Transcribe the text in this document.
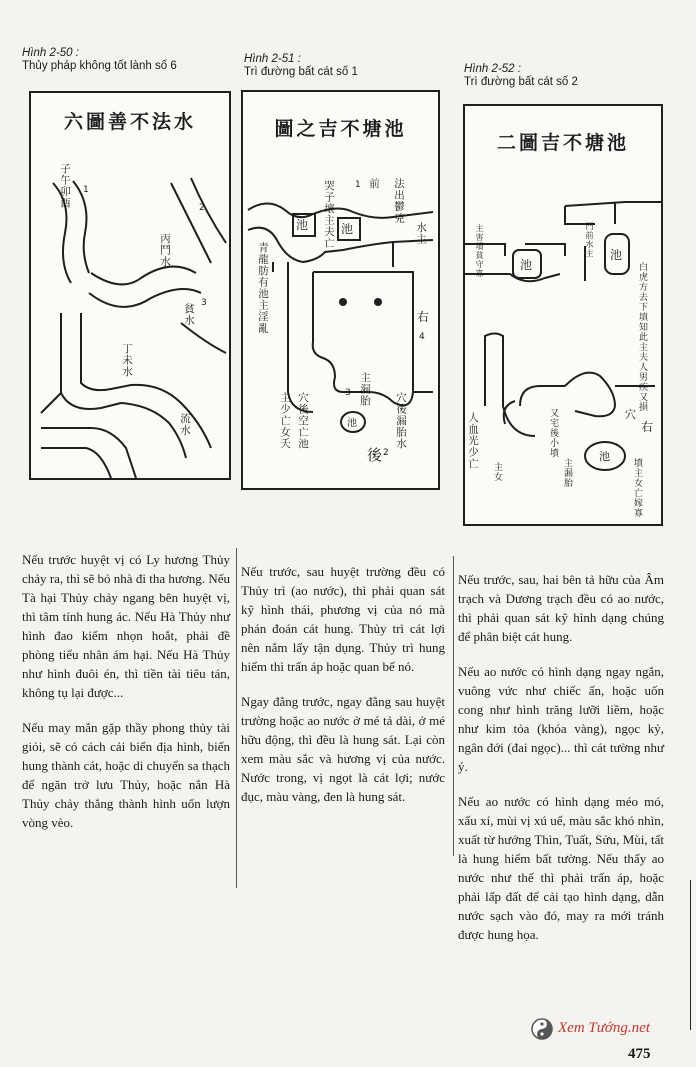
Hình 2-50 :
Thủy pháp không tốt lành số 6
Hình 2-51 :
Trì đường bất cát số 1	Hình 2-52 :
Trì đường bất cát số 2
六圖善不法水
子午卯酉
丙鬥水
貧水
丁未水
流水
1
2
3
圖之吉不塘池
池	池
池
前
哭子壞主夫亡	法出鬱兇
水主
青龍肪有池主淫亂
主少亡女夭 穴後空亡池
主漏胎
穴後漏胎水
後
右
1
2
3
4
二圖吉不塘池
池
池
池
主害墳貧守寡	門前水主
白虎方去下填知此主夫人男疾又損
人血光少亡	又宅後小墳
主漏胎
主女
右
穴
墳主女亡嫁寡

Nếu trước huyệt vị có Ly hương Thủy chảy ra, thì sẽ bỏ nhà đi tha hương. Nếu Tà hại Thủy chảy ngang bên huyệt vị, thì tâm tính hung ác. Nếu Hà Thủy như hình đao kiếm nhọn hoắt, phải đề phòng tiểu nhân ám hại. Nếu Hà Thủy như hình đuôi én, thì tiền tài tiêu tán, không tụ lại được...

Nếu may mắn gặp thầy phong thủy tài giỏi, sẽ có cách cải biến địa hình, biến hung thành cát, hoặc di chuyển sa thạch để ngăn trở lưu Thủy, hoặc nắn Hà Thủy chảy thẳng thành hình uốn lượn vòng vèo.

Nếu trước, sau huyệt trường đều có Thủy trì (ao nước), thì phải quan sát kỹ hình thái, phương vị của nó mà phán đoán cát hung. Thủy trì cát lợi nên nắm lấy tận dụng. Thủy trì hung hiểm thì trấn áp hoặc quan bế nó.

Ngay đằng trước, ngay đằng sau huyệt trường hoặc ao nước ở mé tả dài, ở mé hữu động, thì đều là hung sát. Lại còn xem màu sắc và hương vị của nước. Nước trong, vị ngọt là cát lợi; nước đục, màu vàng, đen là hung sát.

Nếu trước, sau, hai bên tả hữu của Âm trạch và Dương trạch đều có ao nước, thì phải quan sát kỹ hình dạng chúng để phân biệt cát hung.

Nếu ao nước có hình dạng ngay ngắn, vuông vức như chiếc ấn, hoặc uốn cong như hình trăng lưỡi liềm, hoặc như kim tỏa (khóa vàng), ngọc kỷ, ngân đới (đai ngọc)... thì cát tường như ý.

Nếu ao nước có hình dạng méo mó, xấu xí, mùi vị xú uế, màu sắc khó nhìn, xuất từ hướng Thìn, Tuất, Sửu, Mùi, tất là hung hiểm bất tường. Nếu thấy ao nước như thế thì phải trấn áp, hoặc phải lấp đất để cải tạo hình dạng, dẫn nước sạch vào đó, may ra mới tránh được hung họa.

Xem Tướng.net
475
